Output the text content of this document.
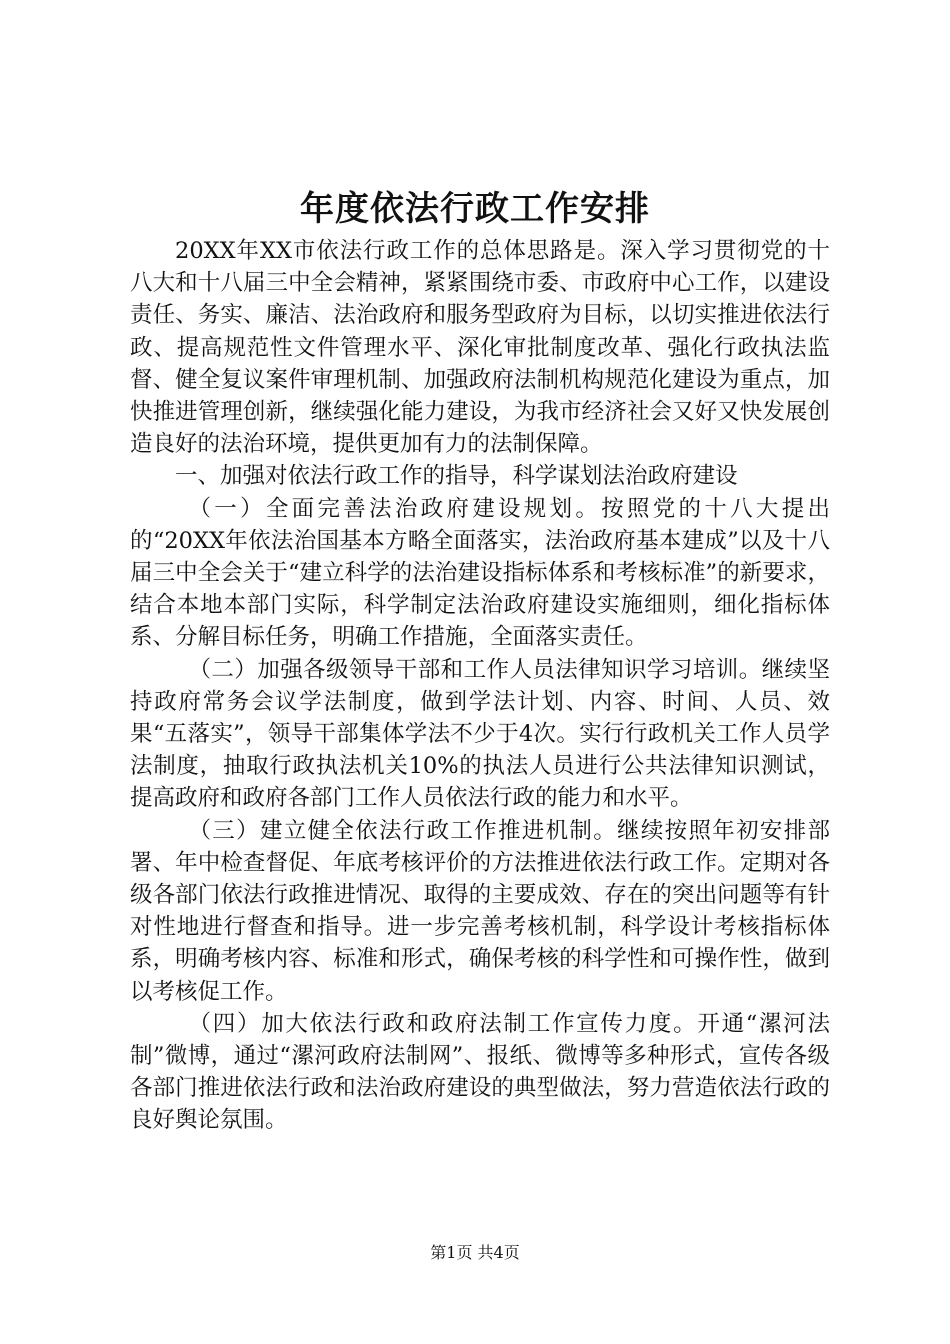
年度依法行政工作安排

20XX年XX市依法行政工作的总体思路是。深入学习贯彻党的十八大和十八届三中全会精神，紧紧围绕市委、市政府中心工作，以建设责任、务实、廉洁、法治政府和服务型政府为目标，以切实推进依法行政、提高规范性文件管理水平、深化审批制度改革、强化行政执法监督、健全复议案件审理机制、加强政府法制机构规范化建设为重点，加快推进管理创新，继续强化能力建设，为我市经济社会又好又快发展创造良好的法治环境，提供更加有力的法制保障。

一、加强对依法行政工作的指导，科学谋划法治政府建设

（一）全面完善法治政府建设规划。按照党的十八大提出的“20XX年依法治国基本方略全面落实，法治政府基本建成”以及十八届三中全会关于“建立科学的法治建设指标体系和考核标准”的新要求，结合本地本部门实际，科学制定法治政府建设实施细则，细化指标体系、分解目标任务，明确工作措施，全面落实责任。

（二）加强各级领导干部和工作人员法律知识学习培训。继续坚持政府常务会议学法制度，做到学法计划、内容、时间、人员、效果“五落实”，领导干部集体学法不少于4次。实行行政机关工作人员学法制度，抽取行政执法机关10%的执法人员进行公共法律知识测试，提高政府和政府各部门工作人员依法行政的能力和水平。

（三）建立健全依法行政工作推进机制。继续按照年初安排部署、年中检查督促、年底考核评价的方法推进依法行政工作。定期对各级各部门依法行政推进情况、取得的主要成效、存在的突出问题等有针对性地进行督查和指导。进一步完善考核机制，科学设计考核指标体系，明确考核内容、标准和形式，确保考核的科学性和可操作性，做到以考核促工作。

（四）加大依法行政和政府法制工作宣传力度。开通“漯河法制”微博，通过“漯河政府法制网”、报纸、微博等多种形式，宣传各级各部门推进依法行政和法治政府建设的典型做法，努力营造依法行政的良好舆论氛围。

第1页 共4页
